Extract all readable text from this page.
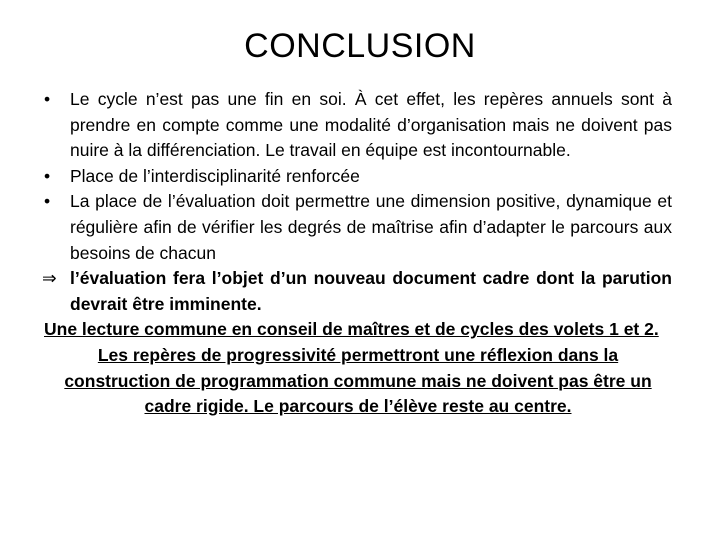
CONCLUSION
•	Le cycle n’est pas une fin en soi. À cet effet, les repères annuels sont à prendre en compte comme une modalité d’organisation mais ne doivent pas nuire à la différenciation. Le travail en équipe est incontournable.
•	Place de l’interdisciplinarité renforcée
•	La place de l’évaluation doit permettre une dimension positive, dynamique et régulière afin de vérifier les degrés de maîtrise afin d’adapter le parcours aux besoins de chacun
⇒ l’évaluation fera l’objet d’un nouveau document cadre dont la parution devrait être imminente.
Une lecture commune en conseil de maîtres et de cycles des volets 1 et 2.
Les repères de progressivité permettront une réflexion dans la construction de programmation commune mais ne doivent pas être un cadre rigide. Le parcours de l’élève reste au centre.
